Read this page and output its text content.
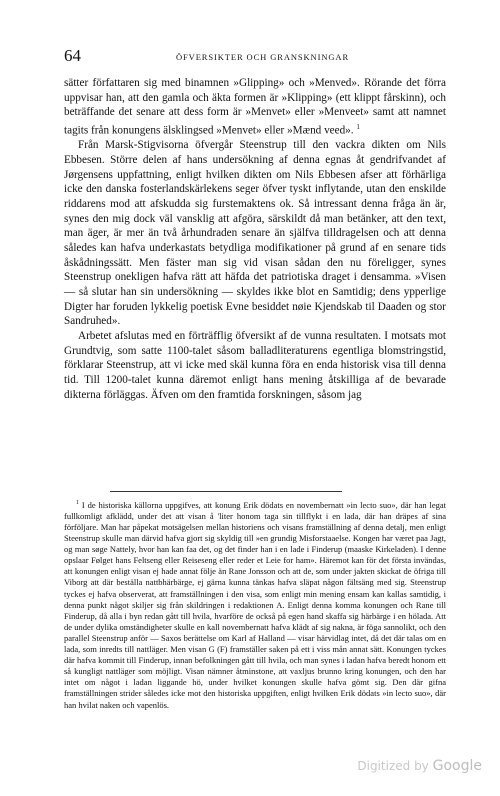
64	ÖFVERSIKTER OCH GRANSKNINGAR

sätter författaren sig med binamnen »Glipping» och »Menved». Rörande det förra uppvisar han, att den gamla och äkta formen är »Klipping» (ett klippt fårskinn), och beträffande det senare att dess form är »Menvet» eller »Menveet» samt att namnet tagits från konungens älsklingsed »Menvet» eller »Mænd veed». $^1$

Från Marsk-Stigvisorna öfvergår Steenstrup till den vackra dikten om Nils Ebbesen. Större delen af hans undersökning af denna egnas åt gendrifvandet af Jørgensens uppfattning, enligt hvilken dikten om Nils Ebbesen afser att förhärliga icke den danska fosterlandskärlekens seger öfver tyskt inflytande, utan den enskilde riddarens mod att afskudda sig furstemaktens ok. Så intressant denna fråga än är, synes den mig dock väl vansklig att afgöra, särskildt då man betänker, att den text, man äger, är mer än två århundraden senare än själfva tilldragelsen och att denna således kan hafva underkastats betydliga modifikationer på grund af en senare tids åskådningssätt. Men fäster man sig vid visan sådan den nu föreligger, synes Steenstrup onekligen hafva rätt att häfda det patriotiska draget i densamma. »Visen — så slutar han sin undersökning — skyldes ikke blot en Samtidig; dens ypperlige Digter har foruden lykkelig poetisk Evne besiddet nøie Kjendskab til Daaden og stor Sandruhed».

Arbetet afslutas med en förträfflig öfversikt af de vunna resultaten. I motsats mot Grundtvig, som satte 1100-talet såsom balladliteraturens egentliga blomstringstid, förklarar Steenstrup, att vi icke med skäl kunna föra en enda historisk visa till denna tid. Till 1200-talet kunna däremot enligt hans mening åtskilliga af de bevarade dikterna förläggas. Äfven om den framtida forskningen, såsom jag

$^1$ I de historiska källorna uppgifves, att konung Erik dödats en novembernatt »in lecto suo», där han legat fullkomligt afklädd, under det att visan å 'liter honom taga sin tillflykt i en lada, där han dräpes af sina förföljare. Man har påpekat motsägelsen mellan historiens och visans framställning af denna detalj, men enligt Steenstrup skulle man därvid hafva gjort sig skyldig till »en grundig Misforstaaelse. Kongen har været paa Jagt, og man søge Nattely, hvor han kan faa det, og det finder han i en lade i Finderup (maaske Kirkeladen). I denne opslaar Følget hans Feltseng eller Reiseseng eller reder et Leie for ham». Häremot kan för det första invändas, att konungen enligt visan ej hade annat följe än Rane Jonsson och att de, som under jakten skickat de öfriga till Viborg att där beställa nattbhärbärge, ej gärna kunna tänkas hafva släpat någon fältsäng med sig. Steenstrup tyckes ej hafva observerat, att framställningen i den visa, som enligt min mening ensam kan kallas samtidig, i denna punkt något skiljer sig från skildringen i redaktionen A. Enligt denna komma konungen och Rane till Finderup, då alla i byn redan gått till hvila, hvarföre de också på egen hand skaffa sig härbärge i en hölada. Att de under dylika omständigheter skulle en kall novembernatt hafva klädt af sig nakna, är föga sannolikt, och den parallel Steenstrup anför — Saxos berättelse om Karl af Halland — visar härvidlag intet, då det där talas om en lada, som inredts till nattläger. Men visan G (F) framställer saken på ett i viss mån annat sätt. Konungen tyckes där hafva kommit till Finderup, innan befolkningen gått till hvila, och man synes i ladan hafva beredt honom ett så kungligt nattläger som möjligt. Visan nämner åtminstone, att vaxljus brunno kring konungen, och den har intet om något i ladan liggande hö, under hvilket konungen skulle hafva gömt sig. Den där gifna framställningen strider således icke mot den historiska uppgiften, enligt hvilken Erik dödats »in lecto suo», där han hvilat naken och vapenlös.

Digitized by Google
